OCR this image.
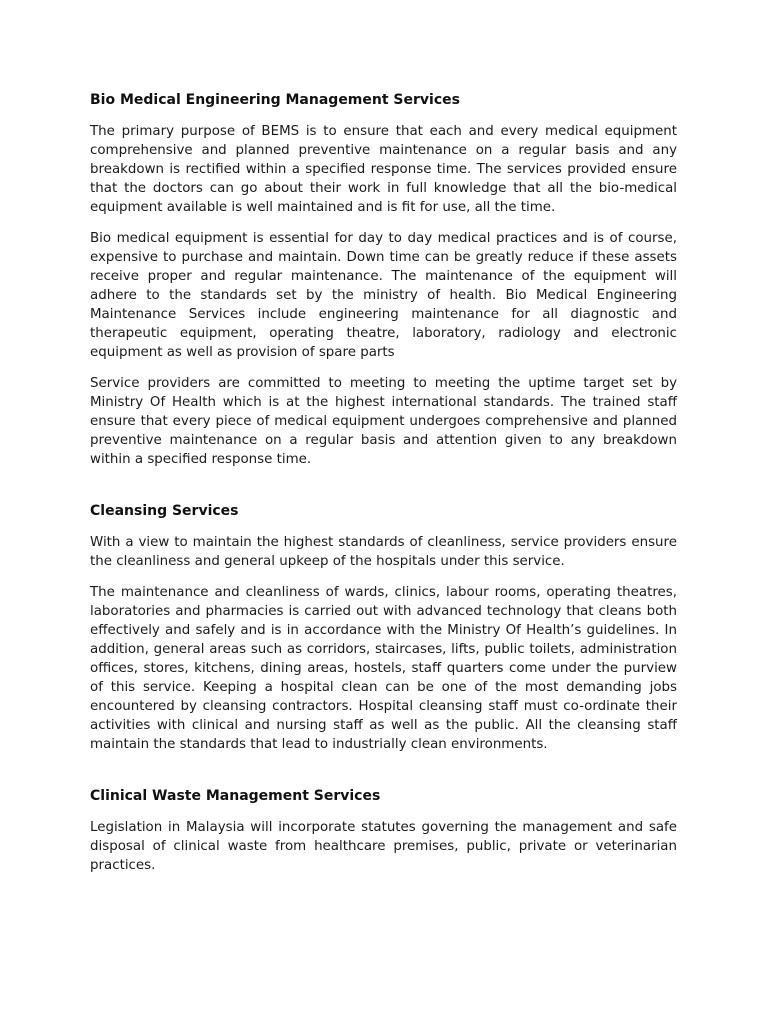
Bio Medical Engineering Management Services

The primary purpose of BEMS is to ensure that each and every medical equipment comprehensive and planned preventive maintenance on a regular basis and any breakdown is rectified within a specified response time. The services provided ensure that the doctors can go about their work in full knowledge that all the bio-medical equipment available is well maintained and is fit for use, all the time.

Bio medical equipment is essential for day to day medical practices and is of course, expensive to purchase and maintain. Down time can be greatly reduce if these assets receive proper and regular maintenance. The maintenance of the equipment will adhere to the standards set by the ministry of health. Bio Medical Engineering Maintenance Services include engineering maintenance for all diagnostic and therapeutic equipment, operating theatre, laboratory, radiology and electronic equipment as well as provision of spare parts

Service providers are committed to meeting to meeting the uptime target set by Ministry Of Health which is at the highest international standards. The trained staff ensure that every piece of medical equipment undergoes comprehensive and planned preventive maintenance on a regular basis and attention given to any breakdown within a specified response time.

Cleansing Services

With a view to maintain the highest standards of cleanliness, service providers ensure the cleanliness and general upkeep of the hospitals under this service.

The maintenance and cleanliness of wards, clinics, labour rooms, operating theatres, laboratories and pharmacies is carried out with advanced technology that cleans both effectively and safely and is in accordance with the Ministry Of Health’s guidelines. In addition, general areas such as corridors, staircases, lifts, public toilets, administration offices, stores, kitchens, dining areas, hostels, staff quarters come under the purview of this service. Keeping a hospital clean can be one of the most demanding jobs encountered by cleansing contractors. Hospital cleansing staff must co-ordinate their activities with clinical and nursing staff as well as the public. All the cleansing staff maintain the standards that lead to industrially clean environments.

Clinical Waste Management Services

Legislation in Malaysia will incorporate statutes governing the management and safe disposal of clinical waste from healthcare premises, public, private or veterinarian practices.
